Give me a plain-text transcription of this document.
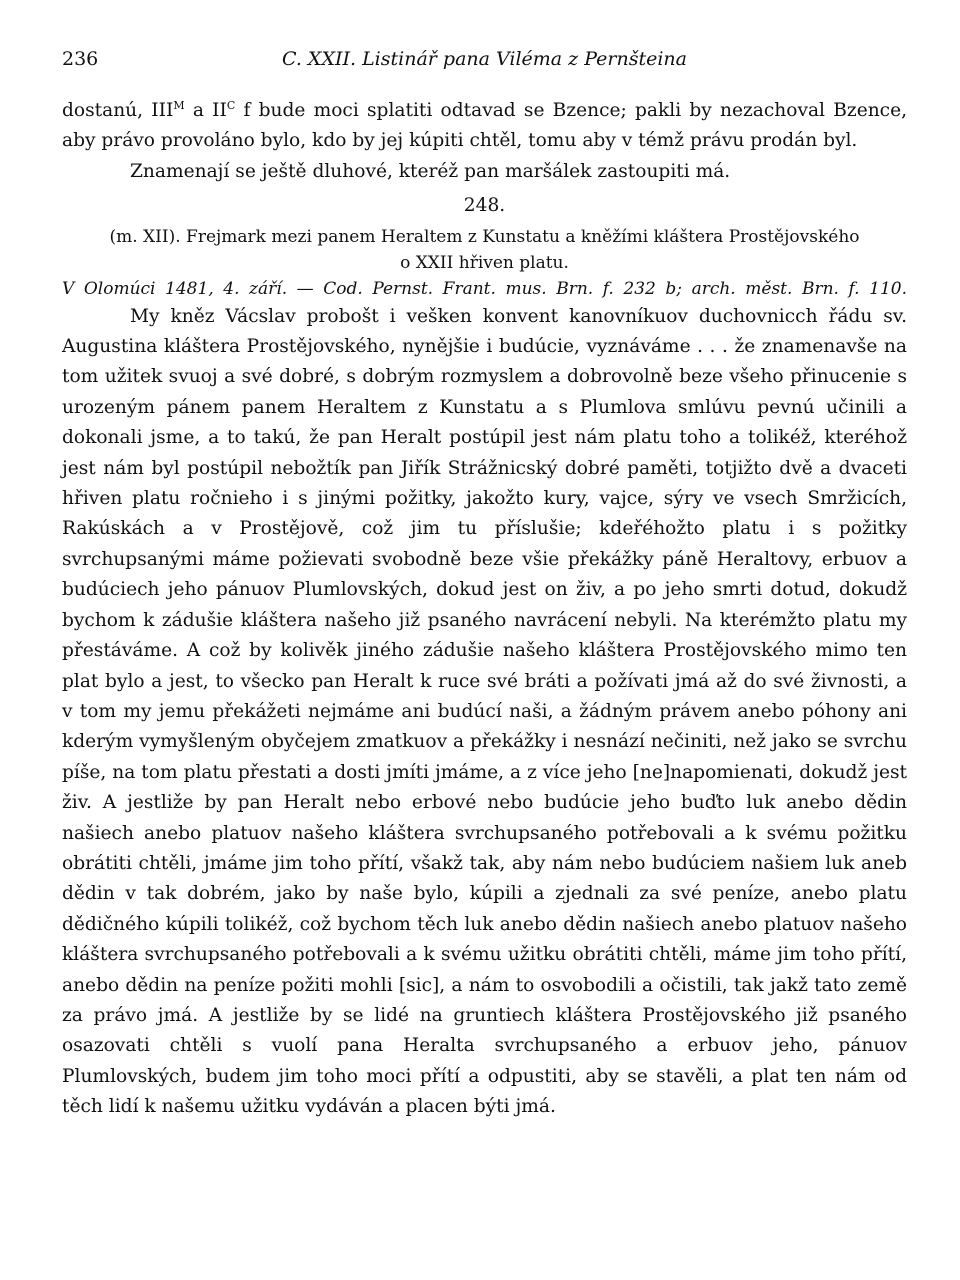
236	C. XXII. Listinář pana Viléma z Pernšteina

dostanú, $III^M$ a $II^C$ f bude moci splatiti odtavad se Bzence; pakli by nezachoval Bzence, aby právo provoláno bylo, kdo by jej kúpiti chtěl, tomu aby v témž právu prodán byl.

Znamenají se ještě dluhové, kteréž pan maršálek zastoupiti má.

248.
(m. XII). Frejmark mezi panem Heraltem z Kunstatu a kněžími kláštera Prostějovského
o XXII hřiven platu.

V Olomúci 1481, 4. září. — Cod. Pernst. Frant. mus. Brn. f. 232 b; arch. měst. Brn. f. 110.

My kněz Vácslav probošt i vešken konvent kanovníkuov duchovnicch řádu sv. Augustina kláštera Prostějovského, nynějšie i budúcie, vyznáváme . . . že znamenavše na tom užitek svuoj a své dobré, s dobrým rozmyslem a dobrovolně beze všeho přinucenie s urozeným pánem panem Heraltem z Kunstatu a s Plumlova smlúvu pevnú učinili a dokonali jsme, a to takú, že pan Heralt postúpil jest nám platu toho a tolikéž, kteréhož jest nám byl postúpil nebožtík pan Jiřík Strážnicský dobré paměti, totjižto dvě a dvaceti hřiven platu ročnieho i s jinými požitky, jakožto kury, vajce, sýry ve vsech Smržicích, Rakúskách a v Prostějově, což jim tu příslušie; kdeřéhožto platu i s požitky svrchupsanými máme požievati svobodně beze všie překážky páně Heraltovy, erbuov a budúciech jeho pánuov Plumlovských, dokud jest on živ, a po jeho smrti dotud, dokudž bychom k zádušie kláštera našeho již psaného navrácení nebyli. Na kterémžto platu my přestáváme. A což by kolivěk jiného zádušie našeho kláštera Prostějovského mimo ten plat bylo a jest, to všecko pan Heralt k ruce své bráti a požívati jmá až do své živnosti, a v tom my jemu překážeti nejmáme ani budúcí naši, a žádným právem anebo póhony ani kderým vymyšleným obyčejem zmatkuov a překážky i nesnází nečiniti, než jako se svrchu píše, na tom platu přestati a dosti jmíti jmáme, a z více jeho [ne]napomienati, dokudž jest živ. A jestliže by pan Heralt nebo erbové nebo budúcie jeho buďto luk anebo dědin našiech anebo platuov našeho kláštera svrchupsaného potřebovali a k svému požitku obrátiti chtěli, jmáme jim toho přítí, všakž tak, aby nám nebo budúciem našiem luk aneb dědin v tak dobrém, jako by naše bylo, kúpili a zjednali za své peníze, anebo platu dědičného kúpili tolikéž, což bychom těch luk anebo dědin našiech anebo platuov našeho kláštera svrchupsaného potřebovali a k svému užitku obrátiti chtěli, máme jim toho přítí, anebo dědin na peníze požiti mohli [sic], a nám to osvobodili a očistili, tak jakž tato země za právo jmá. A jestliže by se lidé na gruntiech kláštera Prostějovského již psaného osazovati chtěli s vuolí pana Heralta svrchupsaného a erbuov jeho, pánuov Plumlovských, budem jim toho moci přítí a odpustiti, aby se stavěli, a plat ten nám od těch lidí k našemu užitku vydáván a placen býti jmá.
